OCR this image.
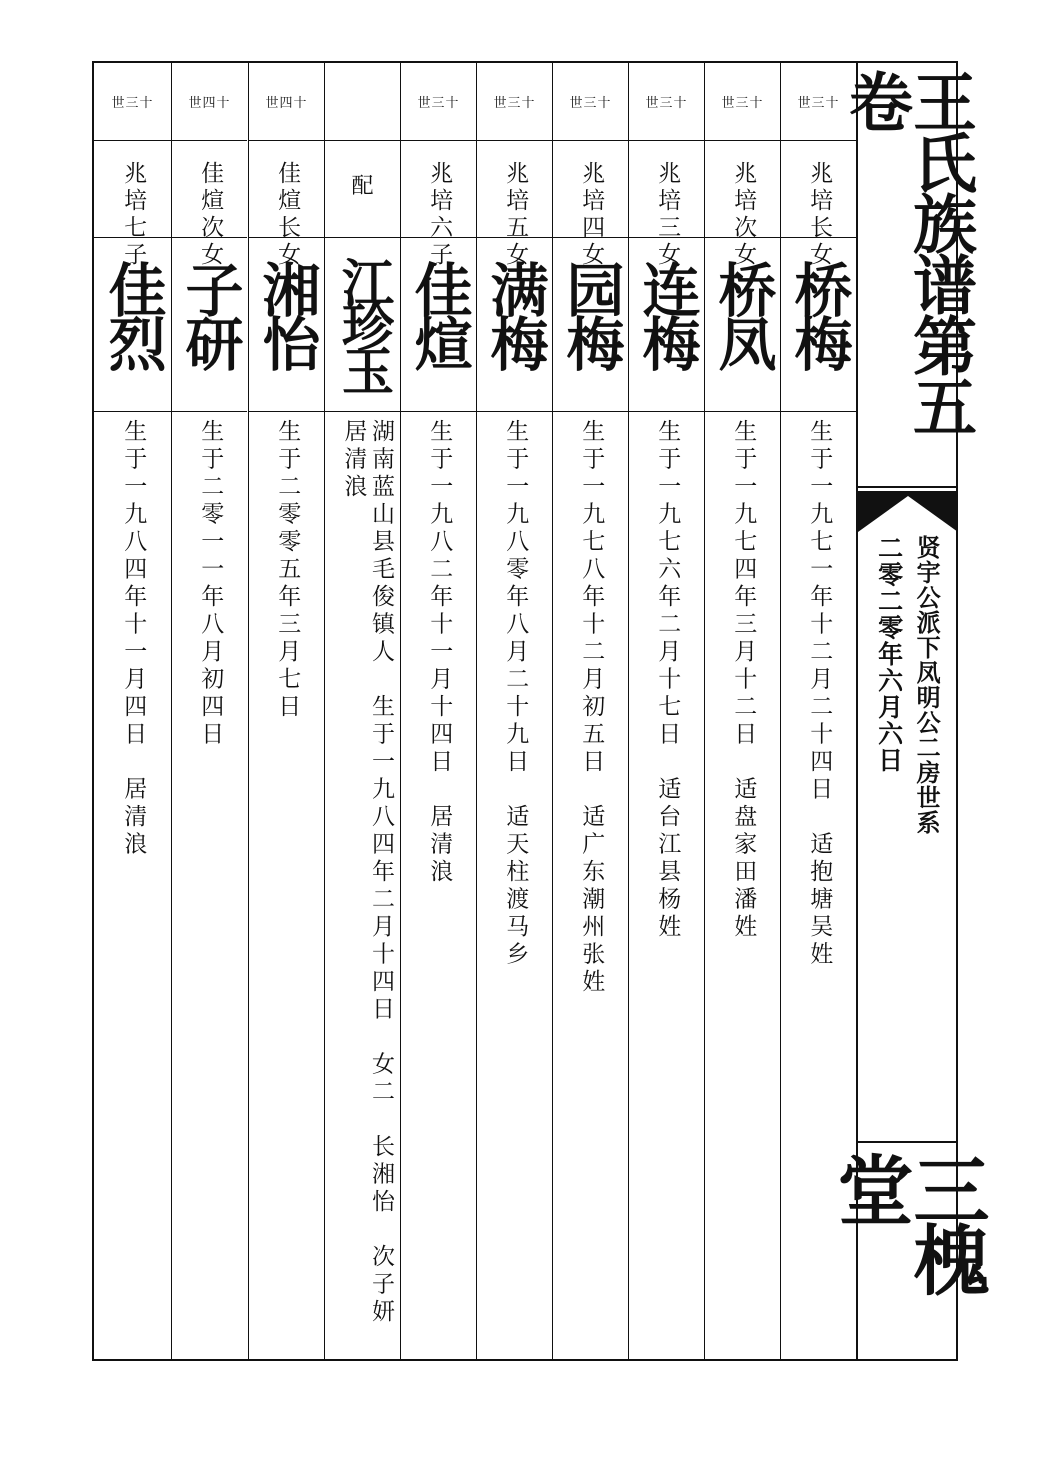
世三十
兆培长女
桥梅
生于一九七一年十二月二十四日　适抱塘吴姓
世三十
兆培次女
桥凤
生于一九七四年三月十二日　适盘家田潘姓
世三十
兆培三女
连梅
生于一九七六年二月十七日　适台江县杨姓
世三十
兆培四女
园梅
生于一九七八年十二月初五日　适广东潮州张姓
世三十
兆培五女
满梅
生于一九八零年八月二十九日　适天柱渡马乡
世三十
兆培六子
佳煊
生于一九八二年十一月十四日　居清浪
配
江珍玉
湖南蓝山县毛俊镇人　生于一九八四年二月十四日　女二　长湘怡　次子妍
居清浪
世四十
佳煊长女
湘怡
生于二零零五年三月七日
世四十
佳煊次女
子研
生于二零一一年八月初四日
世三十
兆培七子
佳烈
生于一九八四年十一月四日　居清浪
王氏族谱第五卷
贤宇公派下凤明公二房世系
二零二零年六月六日
三槐堂
